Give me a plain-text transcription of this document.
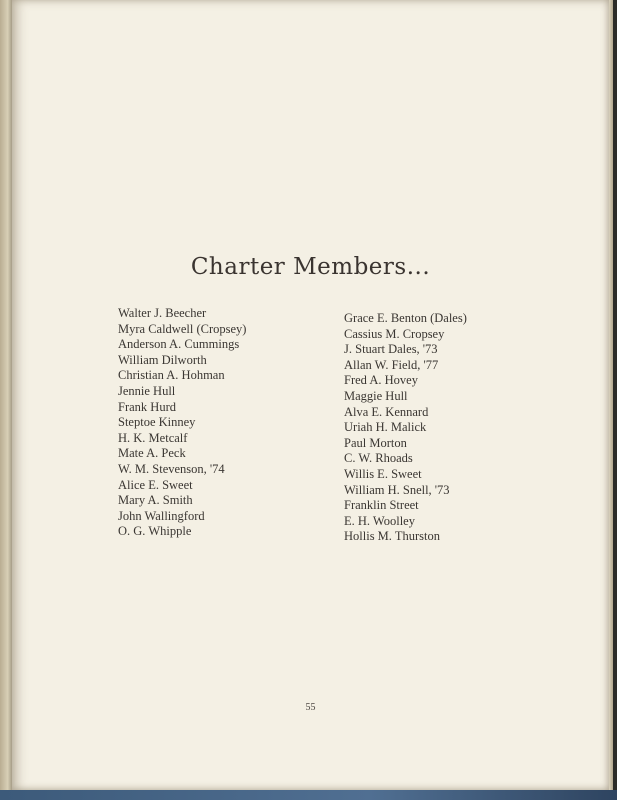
Charter Members...
Walter J. Beecher
Myra Caldwell (Cropsey)
Anderson A. Cummings
William Dilworth
Christian A. Hohman
Jennie Hull
Frank Hurd
Steptoe Kinney
H. K. Metcalf
Mate A. Peck
W. M. Stevenson, '74
Alice E. Sweet
Mary A. Smith
John Wallingford
O. G. Whipple
Grace E. Benton (Dales)
Cassius M. Cropsey
J. Stuart Dales, '73
Allan W. Field, '77
Fred A. Hovey
Maggie Hull
Alva E. Kennard
Uriah H. Malick
Paul Morton
C. W. Rhoads
Willis E. Sweet
William H. Snell, '73
Franklin Street
E. H. Woolley
Hollis M. Thurston
55
